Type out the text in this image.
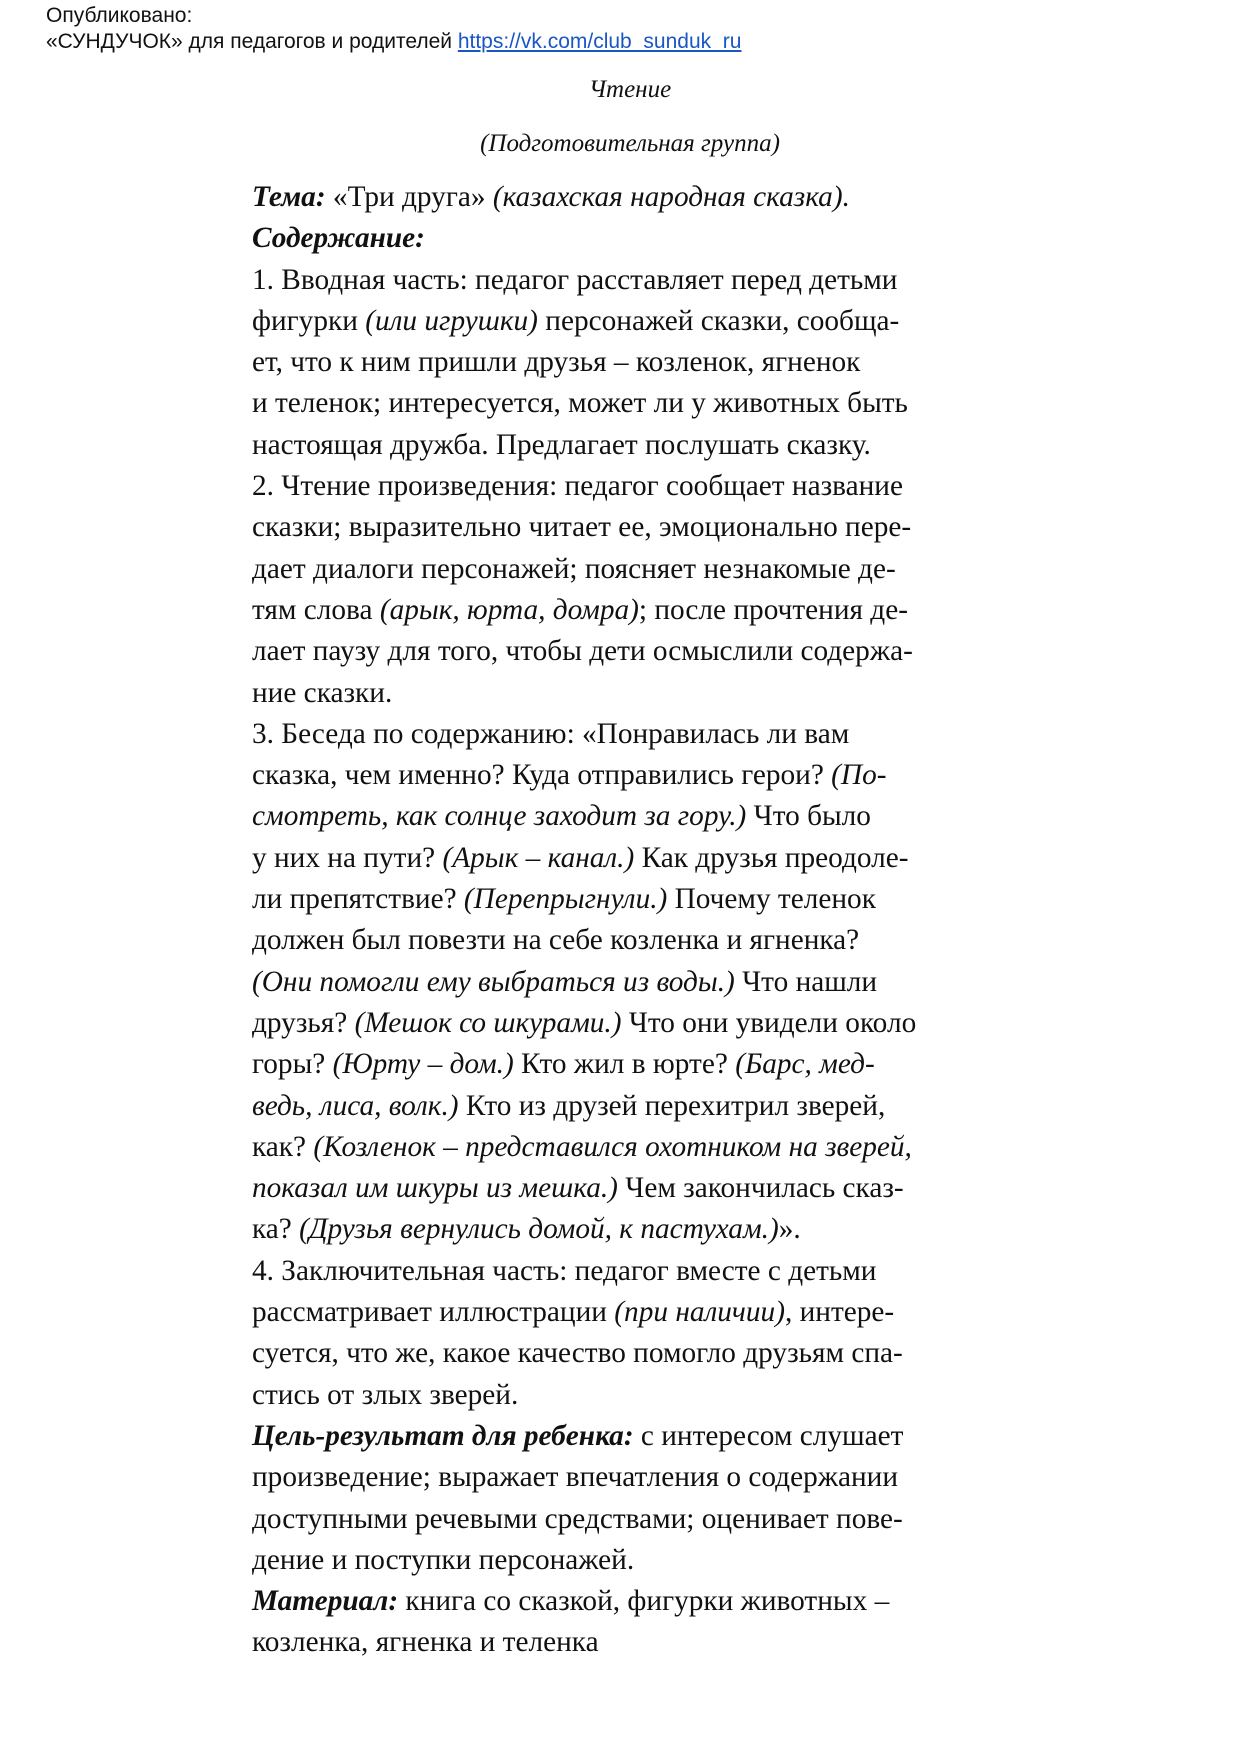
Опубликовано:
«СУНДУЧОК» для педагогов и родителей https://vk.com/club_sunduk_ru
Чтение
(Подготовительная группа)
Тема: «Три друга» (казахская народная сказка).
Содержание:
1. Вводная часть: педагог расставляет перед детьми
фигурки (или игрушки) персонажей сказки, сообща-
ет, что к ним пришли друзья – козленок, ягненок
и теленок; интересуется, может ли у животных быть
настоящая дружба. Предлагает послушать сказку.
2. Чтение произведения: педагог сообщает название
сказки; выразительно читает ее, эмоционально пере-
дает диалоги персонажей; поясняет незнакомые де-
тям слова (арык, юрта, домра); после прочтения де-
лает паузу для того, чтобы дети осмыслили содержа-
ние сказки.
3. Беседа по содержанию: «Понравилась ли вам
сказка, чем именно? Куда отправились герои? (По-
смотреть, как солнце заходит за гору.) Что было
у них на пути? (Арык – канал.) Как друзья преодоле-
ли препятствие? (Перепрыгнули.) Почему теленок
должен был повезти на себе козленка и ягненка?
(Они помогли ему выбраться из воды.) Что нашли
друзья? (Мешок со шкурами.) Что они увидели около
горы? (Юрту – дом.) Кто жил в юрте? (Барс, мед-
ведь, лиса, волк.) Кто из друзей перехитрил зверей,
как? (Козленок – представился охотником на зверей,
показал им шкуры из мешка.) Чем закончилась сказ-
ка? (Друзья вернулись домой, к пастухам.)».
4. Заключительная часть: педагог вместе с детьми
рассматривает иллюстрации (при наличии), интере-
суется, что же, какое качество помогло друзьям спа-
стись от злых зверей.
Цель-результат для ребенка: с интересом слушает
произведение; выражает впечатления о содержании
доступными речевыми средствами; оценивает пове-
дение и поступки персонажей.
Материал: книга со сказкой, фигурки животных –
козленка, ягненка и теленка
